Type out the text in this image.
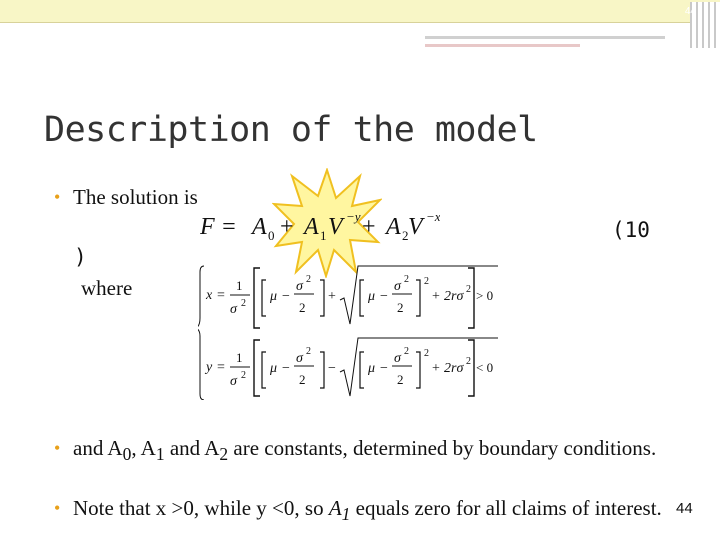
44
Description of the model
• The solution is
F = A 0 + A 1 V −y + A 2 V −x
(10
)
where	x =
1
σ 2 μ −
σ 2
2
+ μ −
σ 2
2
2
+ 2rσ 2 > 0
y =
1
σ 2 μ −
σ 2
2
− μ −
σ 2
2
2
+ 2rσ 2 < 0
• and $A_0$, $A_1$ and $A_2$ are constants, determined by boundary conditions.
• Note that x >0, while y <0, so $A_1$ equals zero for all claims of interest. 44
